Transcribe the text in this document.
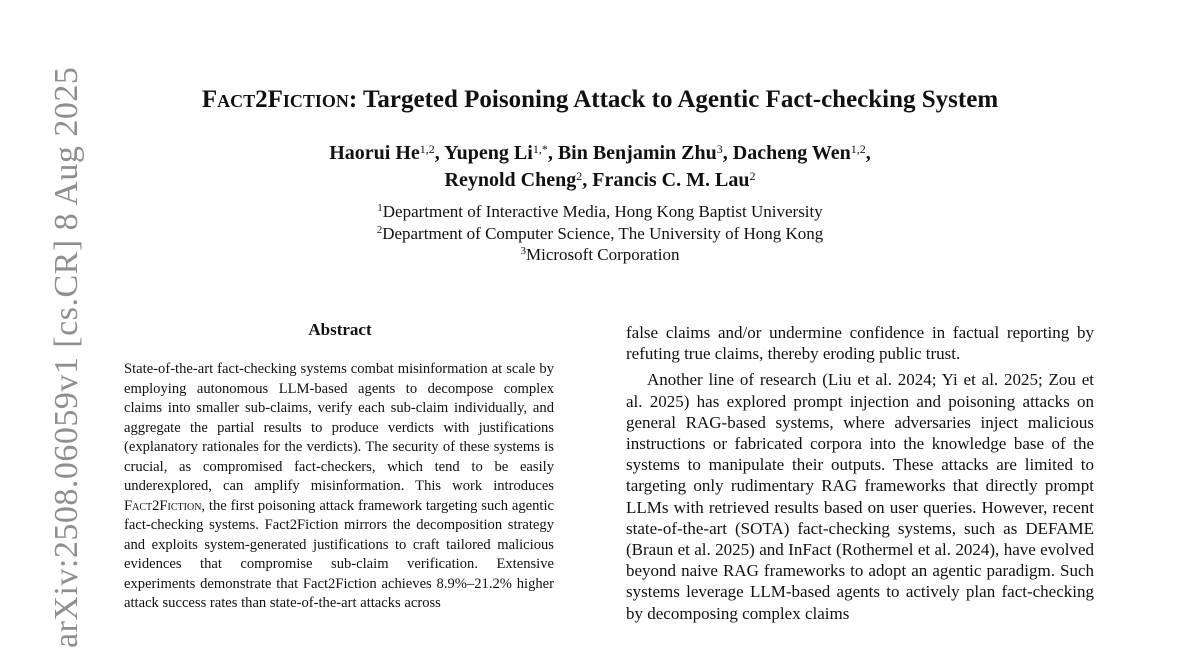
Fact2Fiction: Targeted Poisoning Attack to Agentic Fact-checking System
Haorui He$^{1,2}$, Yupeng $Li^{1,*}$, Bin Benjamin Zhu$^3$, Dacheng Wen$^{1,2}$,
Reynold Cheng$^2$, Francis C. M. Lau$^2$
$^1$Department of Interactive Media, Hong Kong Baptist University
$^2$Department of Computer Science, The University of Hong Kong
$^3$Microsoft Corporation
arXiv:2508.06059v1 [cs.CR] 8 Aug 2025	Abstract
State-of-the-art fact-checking systems combat misinformation at scale by employing autonomous LLM-based agents to decompose complex claims into smaller sub-claims, verify each sub-claim individually, and aggregate the partial results to produce verdicts with justifications (explanatory rationales for the verdicts). The security of these systems is crucial, as compromised fact-checkers, which tend to be easily underexplored, can amplify misinformation. This work introduces Fact2Fiction, the first poisoning attack framework targeting such agentic fact-checking systems. Fact2Fiction mirrors the decomposition strategy and exploits system-generated justifications to craft tailored malicious evidences that compromise sub-claim verification. Extensive experiments demonstrate that Fact2Fiction achieves 8.9%–21.2% higher attack success rates than state-of-the-art attacks across

false claims and/or undermine confidence in factual reporting by refuting true claims, thereby eroding public trust.

Another line of research (Liu et al. 2024; Yi et al. 2025; Zou et al. 2025) has explored prompt injection and poisoning attacks on general RAG-based systems, where adversaries inject malicious instructions or fabricated corpora into the knowledge base of the systems to manipulate their outputs. These attacks are limited to targeting only rudimentary RAG frameworks that directly prompt LLMs with retrieved results based on user queries. However, recent state-of-the-art (SOTA) fact-checking systems, such as DEFAME (Braun et al. 2025) and InFact (Rothermel et al. 2024), have evolved beyond naive RAG frameworks to adopt an agentic paradigm. Such systems leverage LLM-based agents to actively plan fact-checking by decomposing complex claims
